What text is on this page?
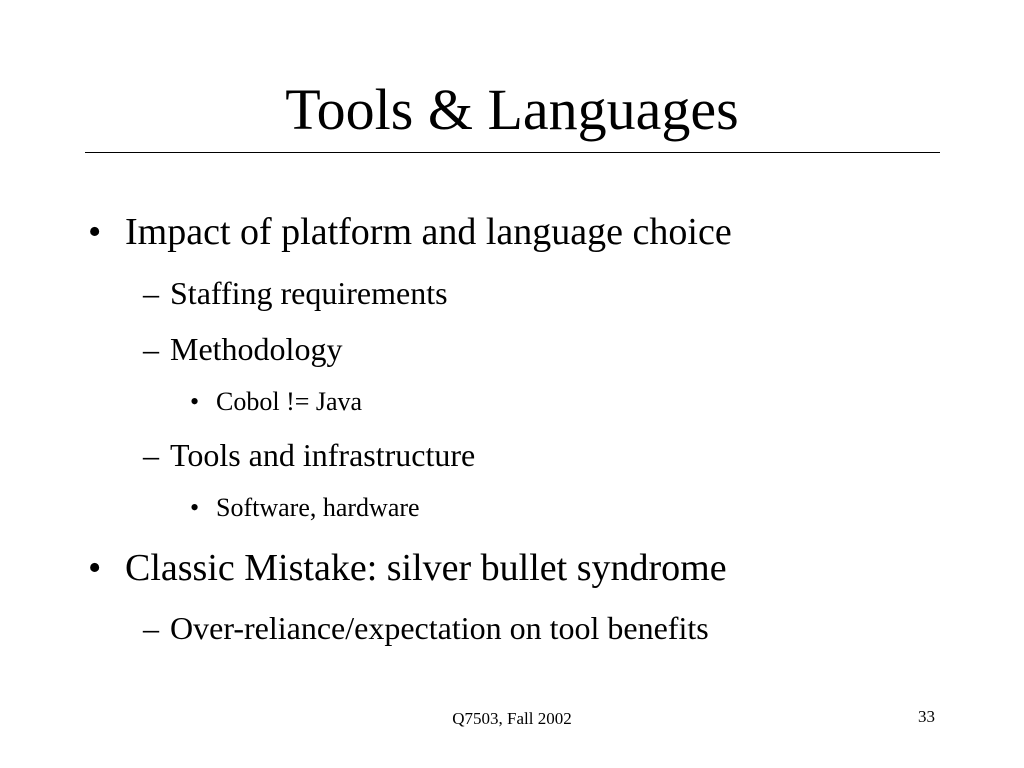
Tools & Languages
• Impact of platform and language choice
– Staffing requirements
– Methodology
• Cobol != Java
– Tools and infrastructure
• Software, hardware
• Classic Mistake: silver bullet syndrome
– Over-reliance/expectation on tool benefits
Q7503, Fall 2002	33
